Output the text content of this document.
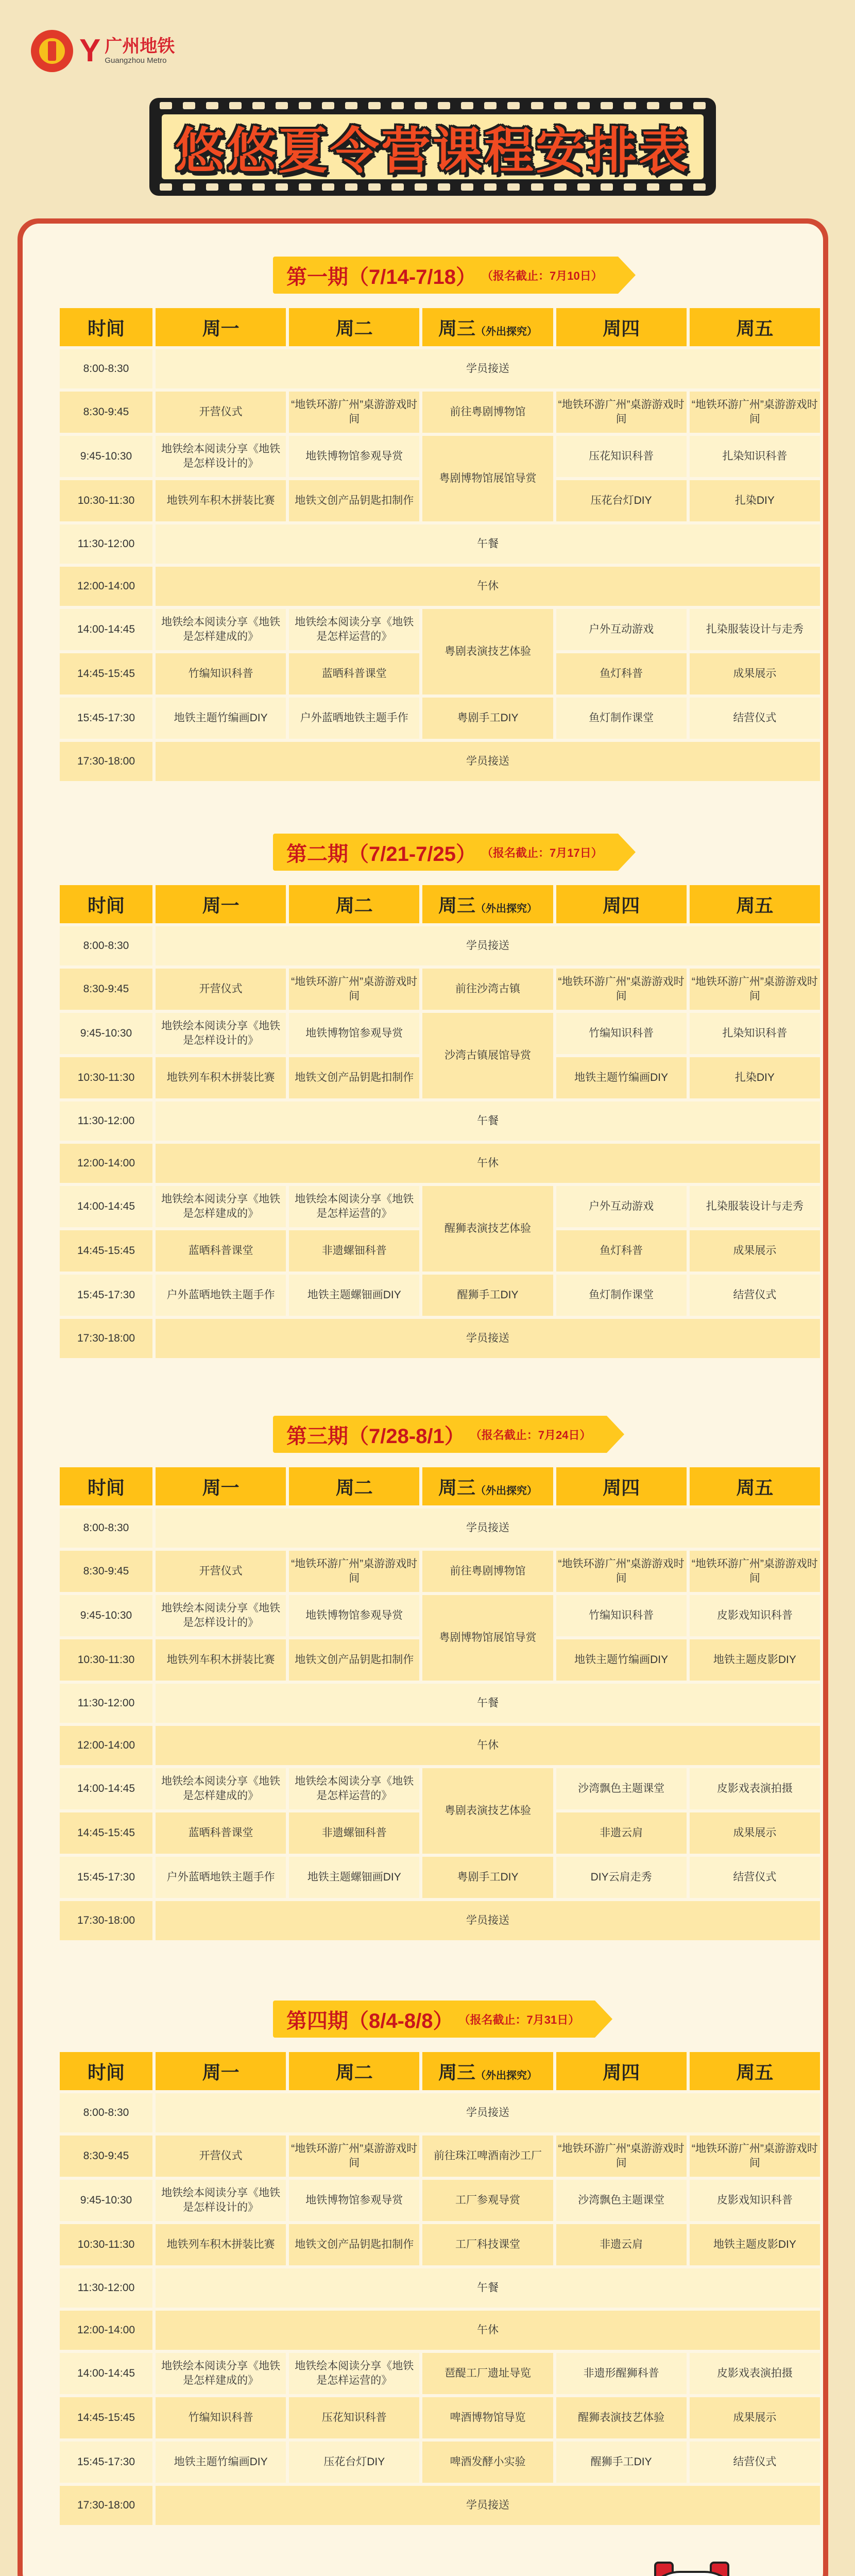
Y 广州地铁
Guangzhou Metro
悠悠夏令营课程安排表
第一期（7/14-7/18） （报名截止：7月10日）
时间	周一	周二	周三（外出探究）	周四	周五
8:00-8:30	学员接送				
8:30-9:45	开营仪式	“地铁环游广州”桌游游戏时间	前往粤剧博物馆	“地铁环游广州”桌游游戏时间	“地铁环游广州”桌游游戏时间
9:45-10:30	地铁绘本阅读分享《地铁是怎样设计的》	地铁博物馆参观导赏	粤剧博物馆展馆导赏	压花知识科普	扎染知识科普
10:30-11:30	地铁列车积木拼装比赛	地铁文创产品钥匙扣制作		压花台灯DIY	扎染DIY
11:30-12:00	午餐				
12:00-14:00	午休				
14:00-14:45	地铁绘本阅读分享《地铁是怎样建成的》	地铁绘本阅读分享《地铁是怎样运营的》	粤剧表演技艺体验	户外互动游戏	扎染服装设计与走秀
14:45-15:45	竹编知识科普	蓝晒科普课堂		鱼灯科普	成果展示
15:45-17:30	地铁主题竹编画DIY	户外蓝晒地铁主题手作	粤剧手工DIY	鱼灯制作课堂	结营仪式
17:30-18:00	学员接送				
第二期（7/21-7/25） （报名截止：7月17日）
时间	周一	周二	周三（外出探究）	周四	周五
8:00-8:30	学员接送				
8:30-9:45	开营仪式	“地铁环游广州”桌游游戏时间	前往沙湾古镇	“地铁环游广州”桌游游戏时间	“地铁环游广州”桌游游戏时间
9:45-10:30	地铁绘本阅读分享《地铁是怎样设计的》	地铁博物馆参观导赏	沙湾古镇展馆导赏	竹编知识科普	扎染知识科普
10:30-11:30	地铁列车积木拼装比赛	地铁文创产品钥匙扣制作		地铁主题竹编画DIY	扎染DIY
11:30-12:00	午餐				
12:00-14:00	午休				
14:00-14:45	地铁绘本阅读分享《地铁是怎样建成的》	地铁绘本阅读分享《地铁是怎样运营的》	醒狮表演技艺体验	户外互动游戏	扎染服装设计与走秀
14:45-15:45	蓝晒科普课堂	非遗螺钿科普		鱼灯科普	成果展示
15:45-17:30	户外蓝晒地铁主题手作	地铁主题螺钿画DIY	醒狮手工DIY	鱼灯制作课堂	结营仪式
17:30-18:00	学员接送				
第三期（7/28-8/1） （报名截止：7月24日）
时间	周一	周二	周三（外出探究）	周四	周五
8:00-8:30	学员接送				
8:30-9:45	开营仪式	“地铁环游广州”桌游游戏时间	前往粤剧博物馆	“地铁环游广州”桌游游戏时间	“地铁环游广州”桌游游戏时间
9:45-10:30	地铁绘本阅读分享《地铁是怎样设计的》	地铁博物馆参观导赏	粤剧博物馆展馆导赏	竹编知识科普	皮影戏知识科普
10:30-11:30	地铁列车积木拼装比赛	地铁文创产品钥匙扣制作		地铁主题竹编画DIY	地铁主题皮影DIY
11:30-12:00	午餐				
12:00-14:00	午休				
14:00-14:45	地铁绘本阅读分享《地铁是怎样建成的》	地铁绘本阅读分享《地铁是怎样运营的》	粤剧表演技艺体验	沙湾飘色主题课堂	皮影戏表演拍摄
14:45-15:45	蓝晒科普课堂	非遗螺钿科普		非遗云肩	成果展示
15:45-17:30	户外蓝晒地铁主题手作	地铁主题螺钿画DIY	粤剧手工DIY	DIY云肩走秀	结营仪式
17:30-18:00	学员接送				
第四期（8/4-8/8） （报名截止：7月31日）
时间	周一	周二	周三（外出探究）	周四	周五
8:00-8:30	学员接送				
8:30-9:45	开营仪式	“地铁环游广州”桌游游戏时间	前往珠江啤酒南沙工厂	“地铁环游广州”桌游游戏时间	“地铁环游广州”桌游游戏时间
9:45-10:30	地铁绘本阅读分享《地铁是怎样设计的》	地铁博物馆参观导赏	工厂参观导赏	沙湾飘色主题课堂	皮影戏知识科普
10:30-11:30	地铁列车积木拼装比赛	地铁文创产品钥匙扣制作	工厂科技课堂	非遗云肩	地铁主题皮影DIY
11:30-12:00	午餐				
12:00-14:00	午休				
14:00-14:45	地铁绘本阅读分享《地铁是怎样建成的》	地铁绘本阅读分享《地铁是怎样运营的》	琶醍工厂遗址导览	非遗形醒狮科普	皮影戏表演拍摄
14:45-15:45	竹编知识科普	压花知识科普	啤酒博物馆导览	醒狮表演技艺体验	成果展示
15:45-17:30	地铁主题竹编画DIY	压花台灯DIY	啤酒发酵小实验	醒狮手工DIY	结营仪式
17:30-18:00	学员接送				
